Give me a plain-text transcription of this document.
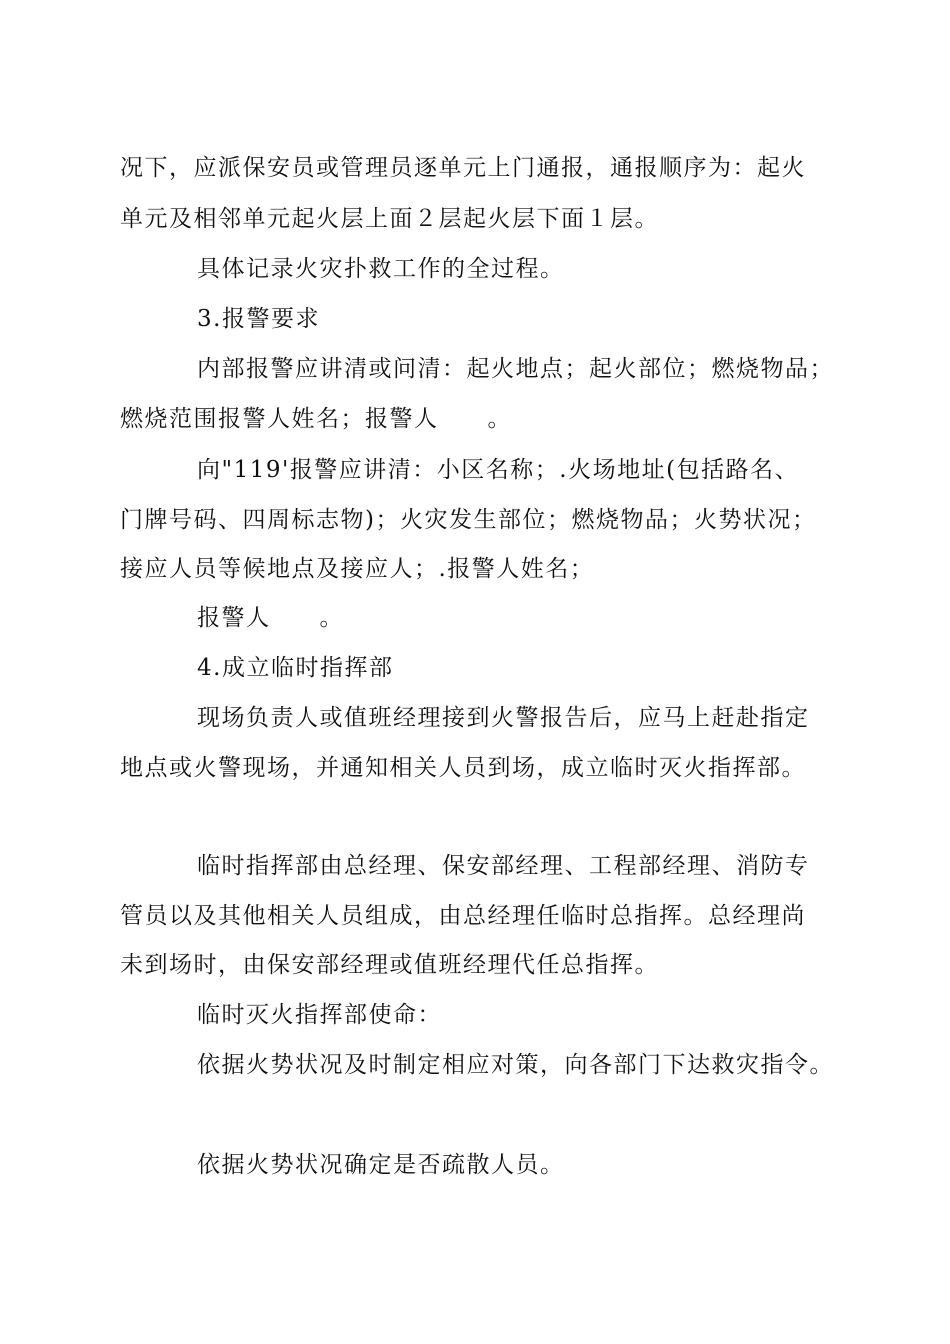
况下，应派保安员或管理员逐单元上门通报，通报顺序为：起火
单元及相邻单元起火层上面２层起火层下面１层。
具体记录火灾扑救工作的全过程。
3.报警要求
内部报警应讲清或问清：起火地点；起火部位；燃烧物品；
燃烧范围报警人姓名；报警人　　。
向"119'报警应讲清：小区名称；.火场地址(包括路名、
门牌号码、四周标志物)；火灾发生部位；燃烧物品；火势状况；
接应人员等候地点及接应人；.报警人姓名；
报警人　　。
4.成立临时指挥部
现场负责人或值班经理接到火警报告后，应马上赶赴指定
地点或火警现场，并通知相关人员到场，成立临时灭火指挥部。
临时指挥部由总经理、保安部经理、工程部经理、消防专
管员以及其他相关人员组成，由总经理任临时总指挥。总经理尚
未到场时，由保安部经理或值班经理代任总指挥。
临时灭火指挥部使命：
依据火势状况及时制定相应对策，向各部门下达救灾指令。
依据火势状况确定是否疏散人员。
